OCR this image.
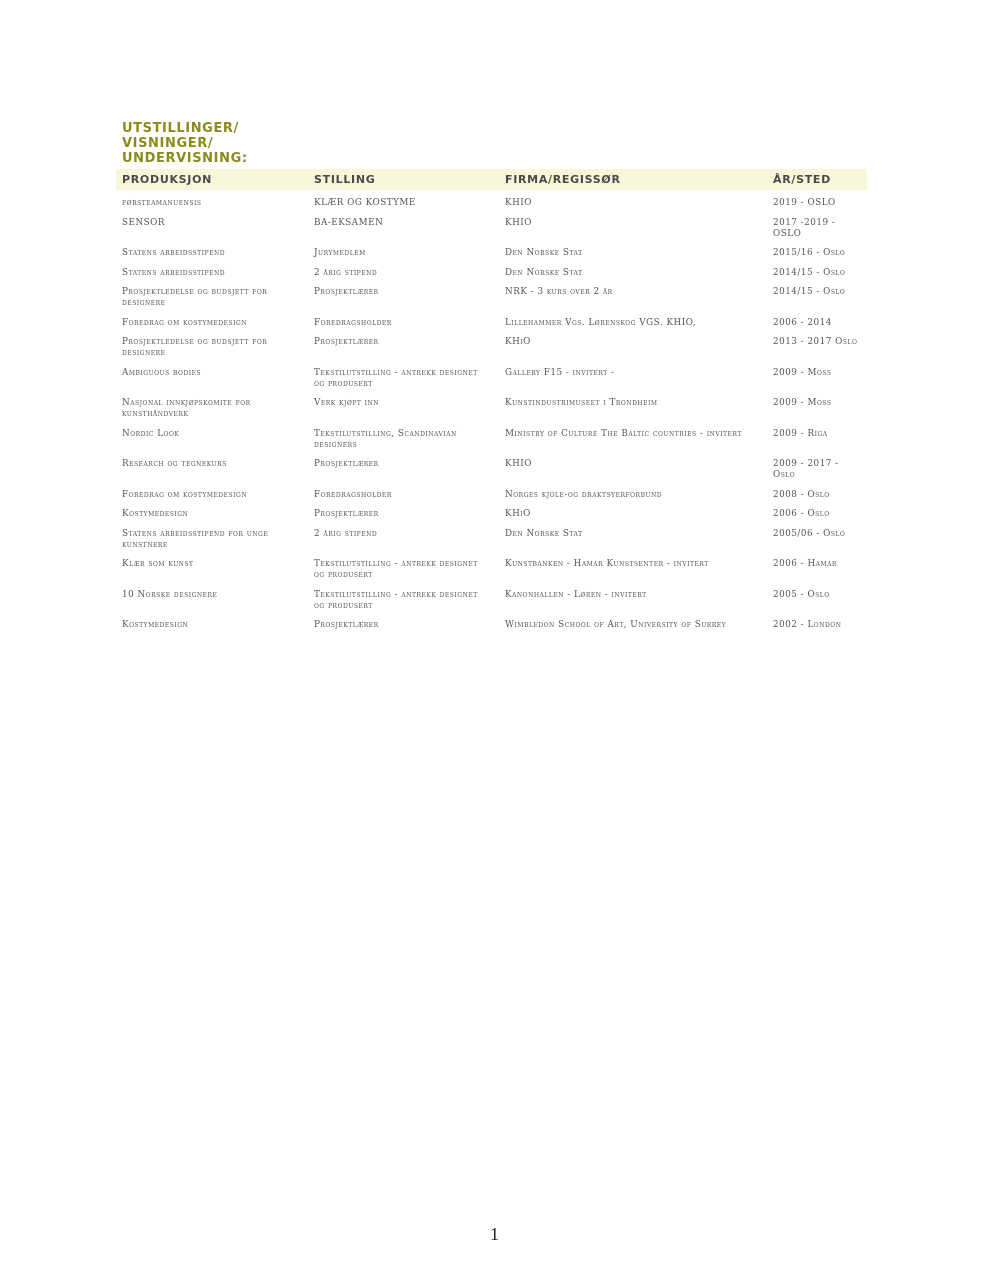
UTSTILLINGER/
VISNINGER/
UNDERVISNING:
PRODUKSJON	STILLING	FIRMA/REGISSØR	ÅR/STED
førsteamanuensis	KLÆR OG KOSTYME	KHIO	2019 - OSLO
SENSOR	BA-EKSAMEN	KHIO	2017 -2019 - OSLO
Statens arbeidsstipend	Jurymedlem	Den Norske Stat	2015/16 - Oslo
Statens arbeidsstipend	2 årig stipend	Den Norske Stat	2014/15 - Oslo
Prosjektledelse og budsjett for designere	Prosjektlærer	NRK - 3 kurs over 2 år	2014/15 - Oslo
Foredrag om kostymedesign	Foredragsholder	Lillehammer Vgs. Lørenskog VGS. KHIO,	2006 - 2014
Prosjektledelse og budsjett for designere	Prosjektlærer	KHiO	2013 - 2017 Oslo
Ambiguous bodies	Tekstilutstilling - antrekk designet og produsert	Gallery F15 - invitert -	2009 - Moss
Nasjonal innkjøpskomite for kunsthåndverk	Verk kjøpt inn	Kunstindustrimuseet i Trondheim	2009 - Moss
Nordic Look	Tekstilutstilling, Scandinavian designers	Ministry of Culture The Baltic countries - invitert	2009 - Riga
Research og tegnekurs	Prosjektlærer	KHIO	2009 - 2017 - Oslo
Foredrag om kostymedesign	Foredragsholder	Norges kjole-og draktsyerforbund	2008 - Oslo
Kostymedesign	Prosjektlærer	KHiO	2006 - Oslo
Statens arbeidsstipend for unge kunstnere	2 årig stipend	Den Norske Stat	2005/06 - Oslo
Klær som kunst	Tekstilutstilling - antrekk designet og produsert	Kunstbanken - Hamar Kunstsenter - invitert	2006 - Hamar
10 Norske designere	Tekstilutstilling - antrekk designet og produsert	Kanonhallen - Løren - invitert	2005 - Oslo
Kostymedesign	Prosjektlærer	Wimbledon School of Art, University of Surrey	2002 - London
1
